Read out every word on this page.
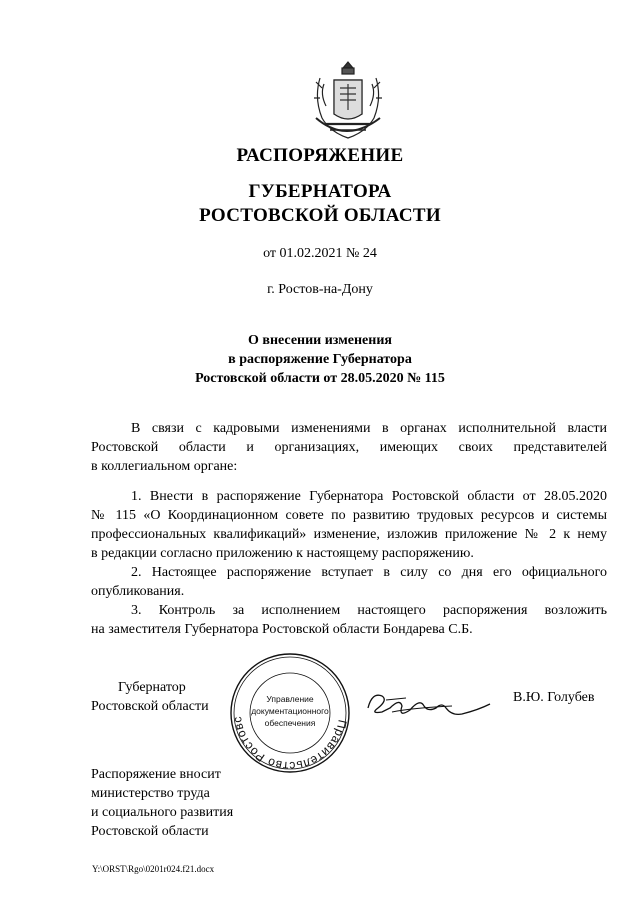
РАСПОРЯЖЕНИЕ
ГУБЕРНАТОРА
РОСТОВСКОЙ ОБЛАСТИ
от 01.02.2021 № 24
г. Ростов-на-Дону
О внесении изменения
в распоряжение Губернатора
Ростовской области от 28.05.2020 № 115
В связи с кадровыми изменениями в органах исполнительной власти
Ростовской области и организациях, имеющих своих представителей
в коллегиальном органе:
1. Внести в распоряжение Губернатора Ростовской области от 28.05.2020
№ 115 «О Координационном совете по развитию трудовых ресурсов и системы
профессиональных квалификаций» изменение, изложив приложение № 2 к нему
в редакции согласно приложению к настоящему распоряжению.
2. Настоящее распоряжение вступает в силу со дня его официального
опубликования.
3. Контроль за исполнением настоящего распоряжения возложить
на заместителя Губернатора Ростовской области Бондарева С.Б.
Губернатор
Ростовской области
Правительство Ростовс
Управление
документационного
обеспечения
В.Ю. Голубев
Распоряжение вносит
министерство труда
и социального развития
Ростовской области
Y:\ORST\Rgo\0201r024.f21.docx
